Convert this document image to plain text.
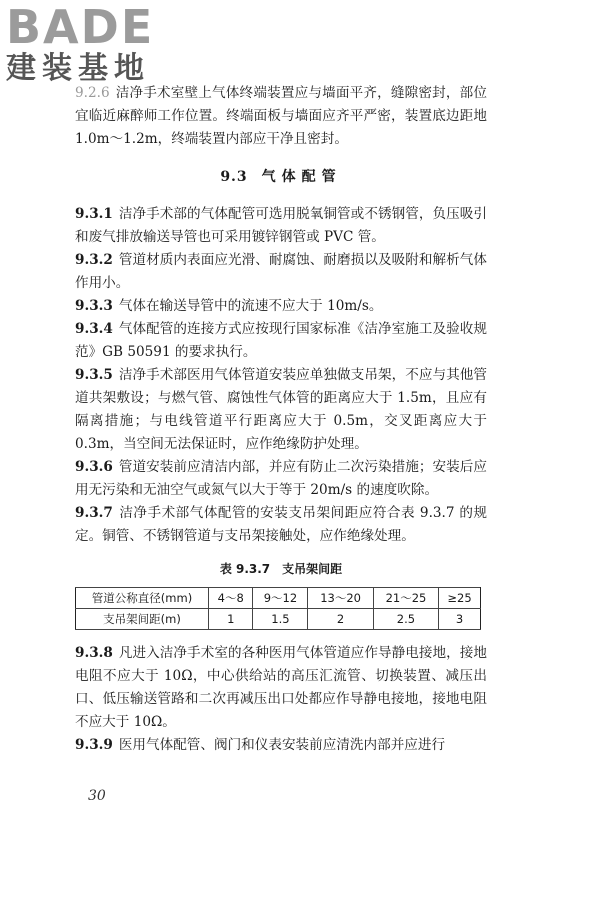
BADE
建装基地

9.2.6 洁净手术室壁上气体终端装置应与墙面平齐，缝隙密封，部位宜临近麻醉师工作位置。终端面板与墙面应齐平严密，装置底边距地 1.0m～1.2m，终端装置内部应干净且密封。

9.3 气体配管

9.3.1 洁净手术部的气体配管可选用脱氧铜管或不锈钢管，负压吸引和废气排放输送导管也可采用镀锌钢管或 PVC 管。

9.3.2 管道材质内表面应光滑、耐腐蚀、耐磨损以及吸附和解析气体作用小。

9.3.3 气体在输送导管中的流速不应大于 10m/s。

9.3.4 气体配管的连接方式应按现行国家标准《洁净室施工及验收规范》GB 50591 的要求执行。

9.3.5 洁净手术部医用气体管道安装应单独做支吊架，不应与其他管道共架敷设；与燃气管、腐蚀性气体管的距离应大于 1.5m，且应有隔离措施；与电线管道平行距离应大于 0.5m，交叉距离应大于 0.3m，当空间无法保证时，应作绝缘防护处理。

9.3.6 管道安装前应清洁内部，并应有防止二次污染措施；安装后应用无污染和无油空气或氮气以大于等于 20m/s 的速度吹除。

9.3.7 洁净手术部气体配管的安装支吊架间距应符合表 9.3.7 的规定。铜管、不锈钢管道与支吊架接触处，应作绝缘处理。

表 9.3.7　支吊架间距
管道公称直径(mm)	4～8	9～12	13～20	21～25	≥25
支吊架间距(m)	1	1.5	2	2.5	3

9.3.8 凡进入洁净手术室的各种医用气体管道应作导静电接地，接地电阻不应大于 10Ω，中心供给站的高压汇流管、切换装置、减压出口、低压输送管路和二次再减压出口处都应作导静电接地，接地电阻不应大于 10Ω。

9.3.9 医用气体配管、阀门和仪表安装前应清洗内部并应进行

30
